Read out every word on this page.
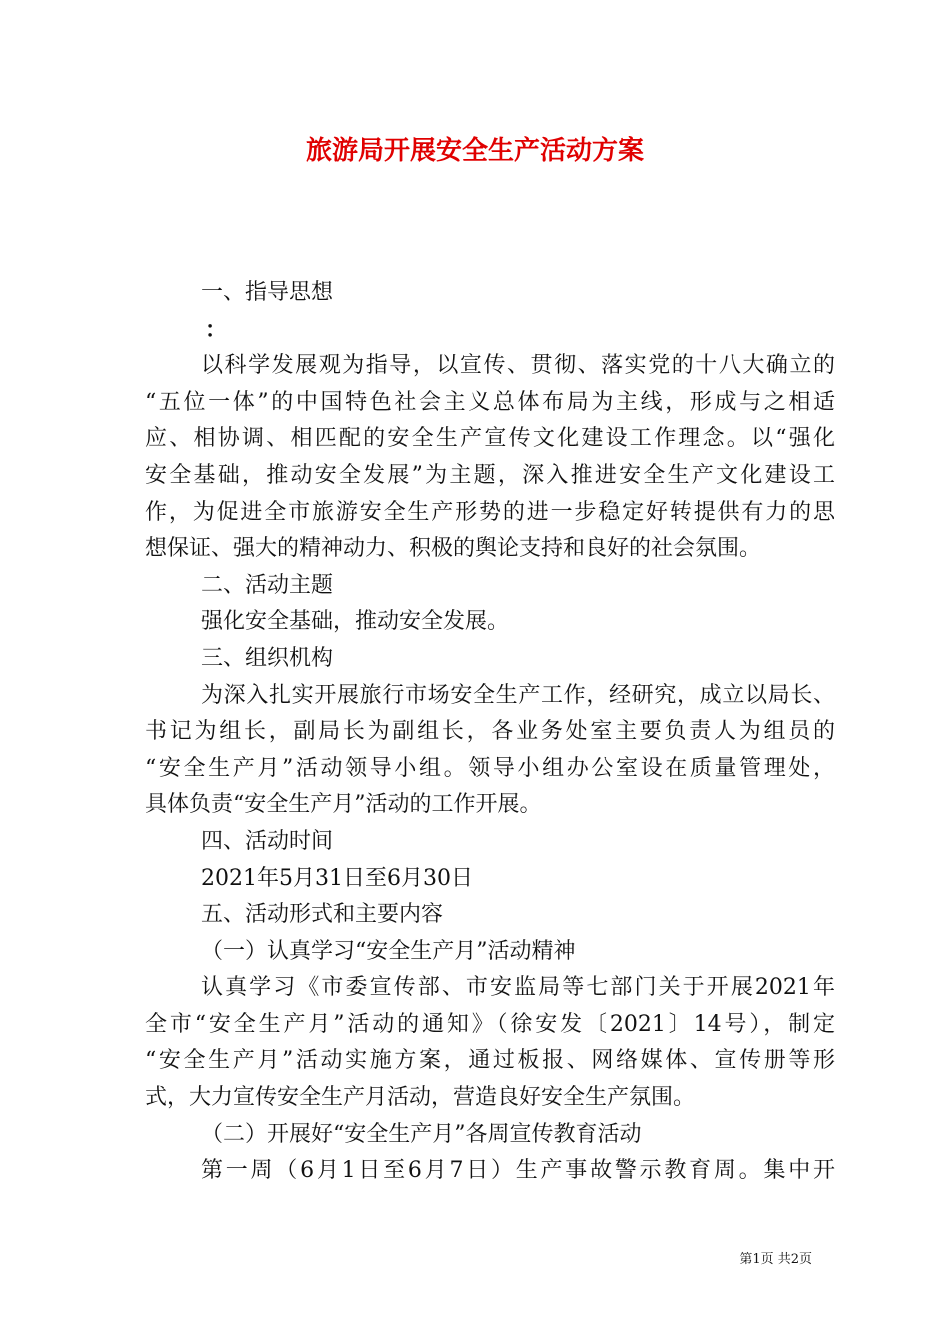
旅游局开展安全生产活动方案
一、指导思想
：
以科学发展观为指导，以宣传、贯彻、落实党的十八大确立的
“五位一体”的中国特色社会主义总体布局为主线，形成与之相适
应、相协调、相匹配的安全生产宣传文化建设工作理念。以“强化
安全基础，推动安全发展”为主题，深入推进安全生产文化建设工
作，为促进全市旅游安全生产形势的进一步稳定好转提供有力的思
想保证、强大的精神动力、积极的舆论支持和良好的社会氛围。
二、活动主题
强化安全基础，推动安全发展。
三、组织机构
为深入扎实开展旅行市场安全生产工作，经研究，成立以局长、
书记为组长，副局长为副组长，各业务处室主要负责人为组员的
“安全生产月”活动领导小组。领导小组办公室设在质量管理处，
具体负责“安全生产月”活动的工作开展。
四、活动时间
2021年5月31日至6月30日
五、活动形式和主要内容
（一）认真学习“安全生产月”活动精神
认真学习《市委宣传部、市安监局等七部门关于开展2021年
全市“安全生产月”活动的通知》（徐安发〔2021〕14号），制定
“安全生产月”活动实施方案，通过板报、网络媒体、宣传册等形
式，大力宣传安全生产月活动，营造良好安全生产氛围。
（二）开展好“安全生产月”各周宣传教育活动
第一周（6月1日至6月7日）生产事故警示教育周。集中开
第1页 共2页
